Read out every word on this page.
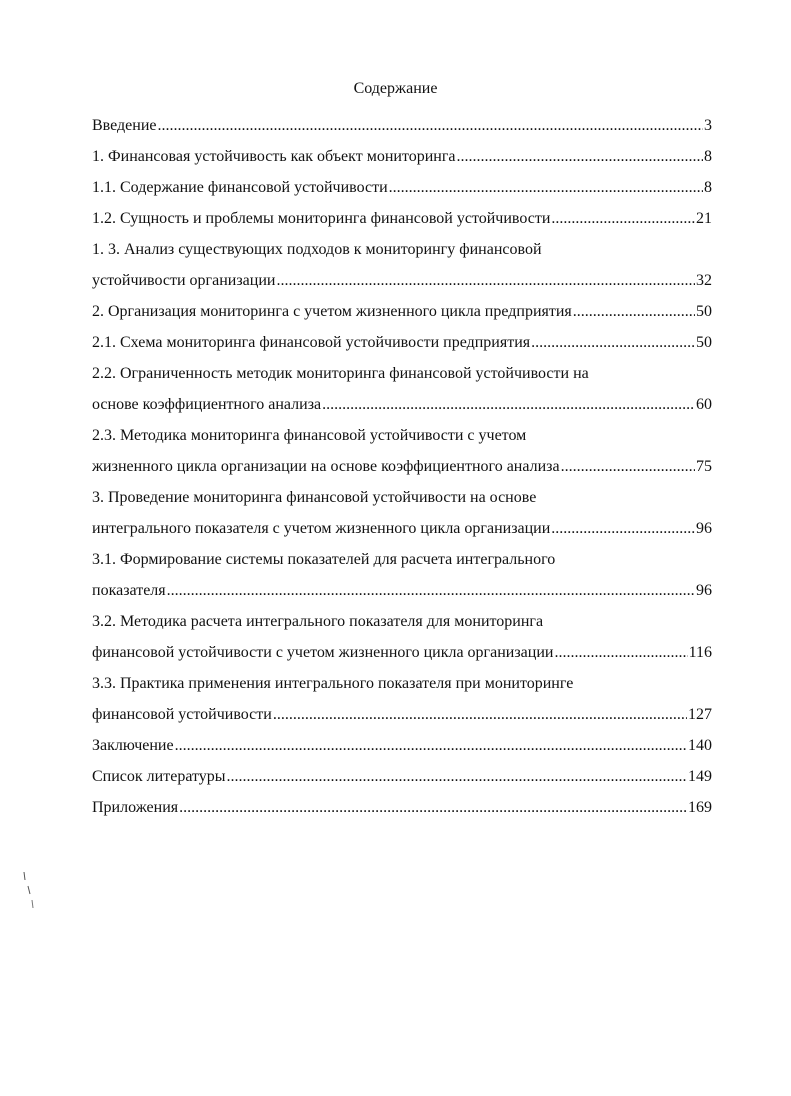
Содержание
Введение .....	3
1. Финансовая устойчивость как объект мониторинга .....	8
1.1. Содержание финансовой устойчивости .....	8
1.2. Сущность и проблемы мониторинга финансовой устойчивости .....	21
1. 3. Анализ существующих подходов к мониторингу финансовой
устойчивости организации .....	32
2. Организация мониторинга с учетом жизненного цикла предприятия .....	50
2.1. Схема мониторинга финансовой устойчивости предприятия .....	50
2.2. Ограниченность методик мониторинга финансовой устойчивости на
основе коэффициентного анализа .....	60
2.3. Методика мониторинга финансовой устойчивости с учетом
жизненного цикла организации на основе коэффициентного анализа .....	75
3. Проведение мониторинга финансовой устойчивости на основе
интегрального показателя с учетом жизненного цикла организации .....	96
3.1. Формирование системы показателей для расчета интегрального
показателя .....	96
3.2. Методика расчета интегрального показателя для мониторинга
финансовой устойчивости с учетом жизненного цикла организации .....	116
3.3. Практика применения интегрального показателя при мониторинге
финансовой устойчивости .....	127
Заключение .....	140
Список литературы .....	149
Приложения .....	169
